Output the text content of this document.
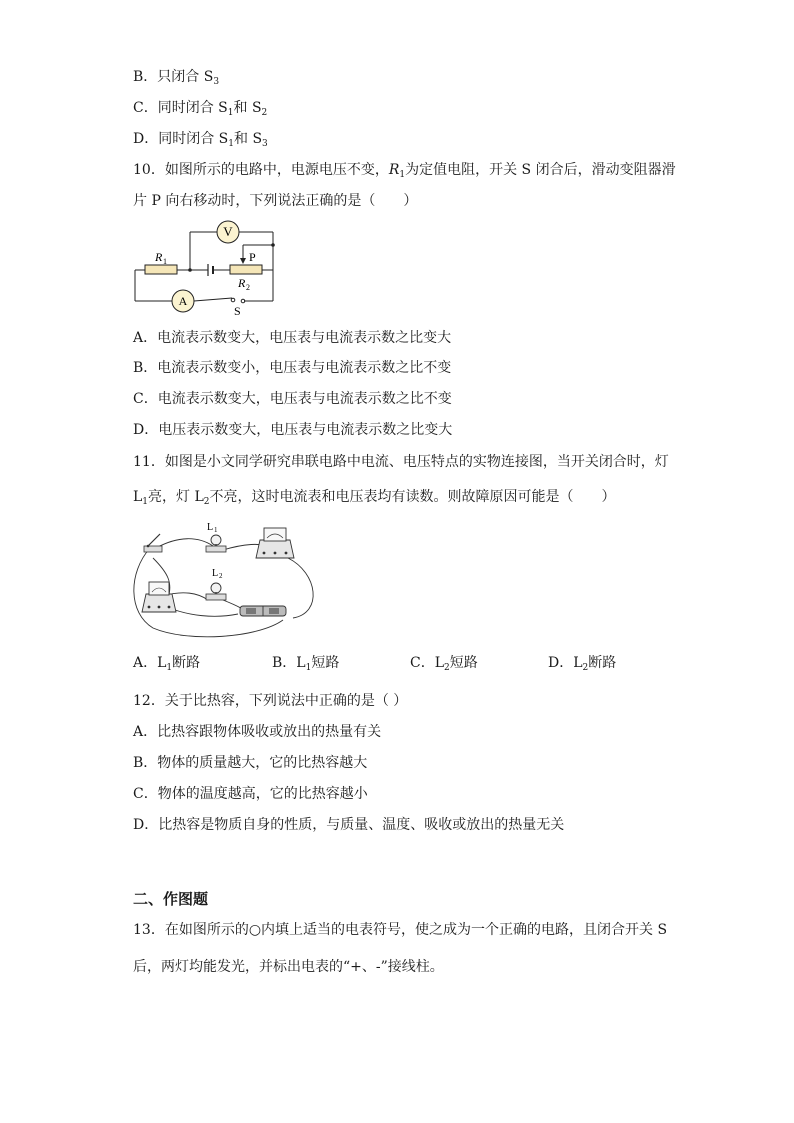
B．只闭合 $S_3$
C．同时闭合 $S_1$和 $S_2$
D．同时闭合 $S_1$和 $S_3$
10．如图所示的电路中，电源电压不变，$R_1$为定值电阻，开关 S 闭合后，滑动变阻器滑
片 P 向右移动时，下列说法正确的是（　　）
V
A
R 1
R 2
P
S
A．电流表示数变大，电压表与电流表示数之比变大
B．电流表示数变小，电压表与电流表示数之比不变
C．电流表示数变大，电压表与电流表示数之比不变
D．电压表示数变大，电压表与电流表示数之比变大
11．如图是小文同学研究串联电路中电流、电压特点的实物连接图，当开关闭合时，灯
$L_1$亮，灯 $L_2$不亮，这时电流表和电压表均有读数。则故障原因可能是（　　）
L 1
L 2
A．$L_1$断路	B．$L_1$短路	C．$L_2$短路	D．$L_2$断路
12．关于比热容，下列说法中正确的是（ ）
A．比热容跟物体吸收或放出的热量有关
B．物体的质量越大，它的比热容越大
C．物体的温度越高，它的比热容越小
D．比热容是物质自身的性质，与质量、温度、吸收或放出的热量无关
二、作图题
13．在如图所示的○内填上适当的电表符号，使之成为一个正确的电路，且闭合开关 S
后，两灯均能发光，并标出电表的“+、-”接线柱。
